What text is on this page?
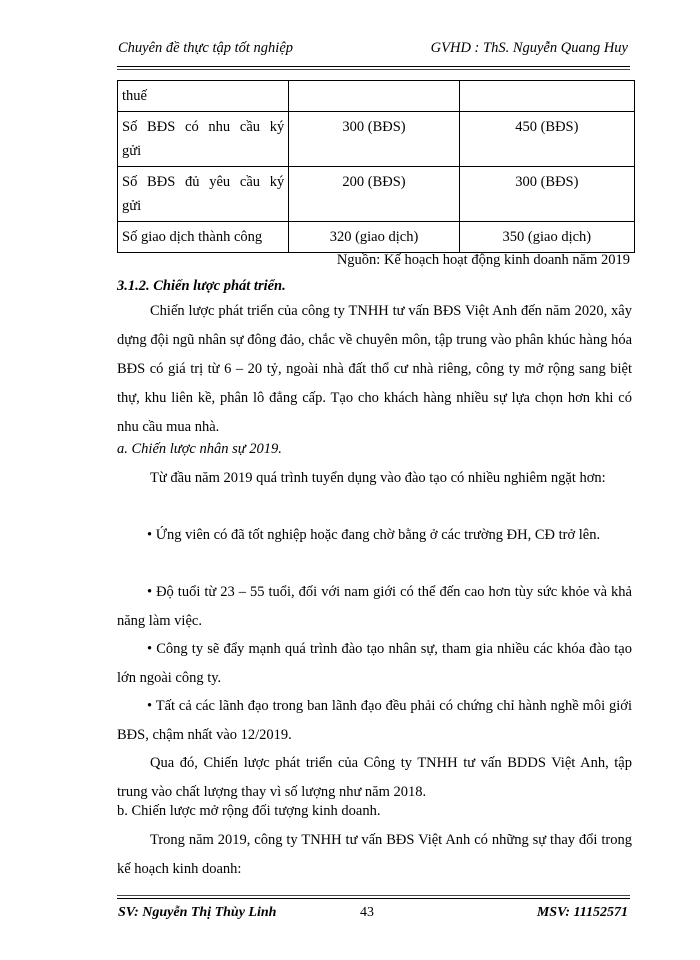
Chuyên đề thực tập tốt nghiệp	GVHD : ThS. Nguyễn Quang Huy
thuế		

Số BĐS có nhu cầu ký
gửi	300 (BĐS)	450 (BĐS)

Số BĐS đủ yêu cầu ký
gửi	200 (BĐS)	300 (BĐS)
Số giao dịch thành công	320 (giao dịch)	350 (giao dịch)
Nguồn: Kế hoạch hoạt động kinh doanh năm 2019
3.1.2. Chiến lược phát triển.
Chiến lược phát triển của công ty TNHH tư vấn BĐS Việt Anh đến năm 2020, xây dựng đội ngũ nhân sự đông đảo, chắc về chuyên môn, tập trung vào phân khúc hàng hóa BĐS có giá trị từ 6 – 20 tỷ, ngoài nhà đất thổ cư nhà riêng, công ty mở rộng sang biệt thự, khu liên kề, phân lô đẳng cấp. Tạo cho khách hàng nhiều sự lựa chọn hơn khi có nhu cầu mua nhà.
a. Chiến lược nhân sự 2019.
Từ đầu năm 2019 quá trình tuyển dụng vào đào tạo có nhiều nghiêm ngặt hơn:
• Ứng viên có đã tốt nghiệp hoặc đang chờ bằng ở các trường ĐH, CĐ trở lên.
• Độ tuổi từ 23 – 55 tuổi, đối với nam giới có thể đến cao hơn tùy sức khỏe và khả năng làm việc.
• Công ty sẽ đẩy mạnh quá trình đào tạo nhân sự, tham gia nhiều các khóa đào tạo lớn ngoài công ty.
• Tất cả các lãnh đạo trong ban lãnh đạo đều phải có chứng chỉ hành nghề môi giới BĐS, chậm nhất vào 12/2019.
Qua đó, Chiến lược phát triển của Công ty TNHH tư vấn BDDS Việt Anh, tập trung vào chất lượng thay vì số lượng như năm 2018.
b. Chiến lược mở rộng đối tượng kinh doanh.
Trong năm 2019, công ty TNHH tư vấn BĐS Việt Anh có những sự thay đổi trong kế hoạch kinh doanh:
SV: Nguyễn Thị Thùy Linh	43	MSV: 11152571
